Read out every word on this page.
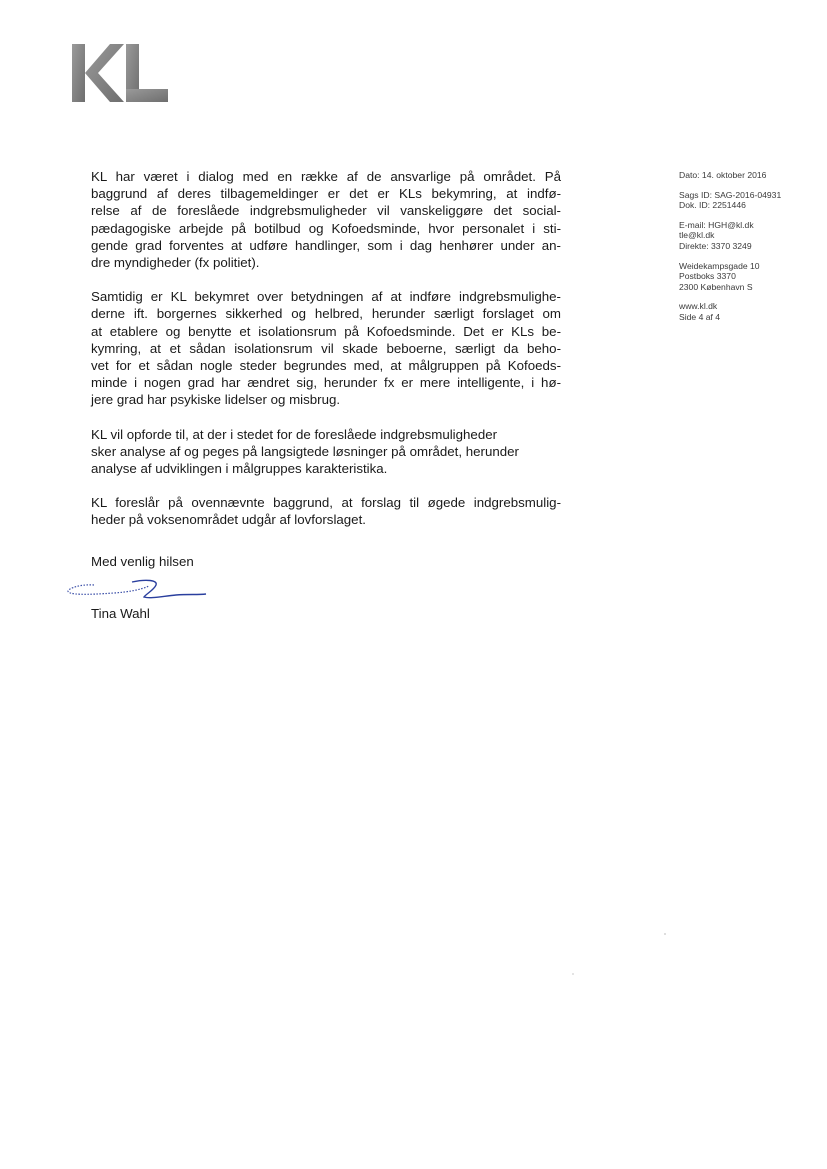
KL har været i dialog med en række af de ansvarlige på området. På
baggrund af deres tilbagemeldinger er det er KLs bekymring, at indfø-
relse af de foreslåede indgrebsmuligheder vil vanskeliggøre det social-
pædagogiske arbejde på botilbud og Kofoedsminde, hvor personalet i sti-
gende grad forventes at udføre handlinger, som i dag henhører under an-
dre myndigheder (fx politiet).

Samtidig er KL bekymret over betydningen af at indføre indgrebsmulighe-
derne ift. borgernes sikkerhed og helbred, herunder særligt forslaget om
at etablere og benytte et isolationsrum på Kofoedsminde. Det er KLs be-
kymring, at et sådan isolationsrum vil skade beboerne, særligt da beho-
vet for et sådan nogle steder begrundes med, at målgruppen på Kofoeds-
minde i nogen grad har ændret sig, herunder fx er mere intelligente, i hø-
jere grad har psykiske lidelser og misbrug.

KL vil opforde til, at der i stedet for de foreslåede indgrebsmuligheder
sker analyse af og peges på langsigtede løsninger på området, herunder
analyse af udviklingen i målgruppes karakteristika.

KL foreslår på ovennævnte baggrund, at forslag til øgede indgrebsmulig-
heder på voksenområdet udgår af lovforslaget.

Med venlig hilsen
Tina Wahl
Dato: 14. oktober 2016
Sags ID: SAG-2016-04931
Dok. ID: 2251446
E-mail: HGH@kl.dk
tle@kl.dk
Direkte: 3370 3249
Weidekampsgade 10
Postboks 3370
2300 København S
www.kl.dk
Side 4 af 4
